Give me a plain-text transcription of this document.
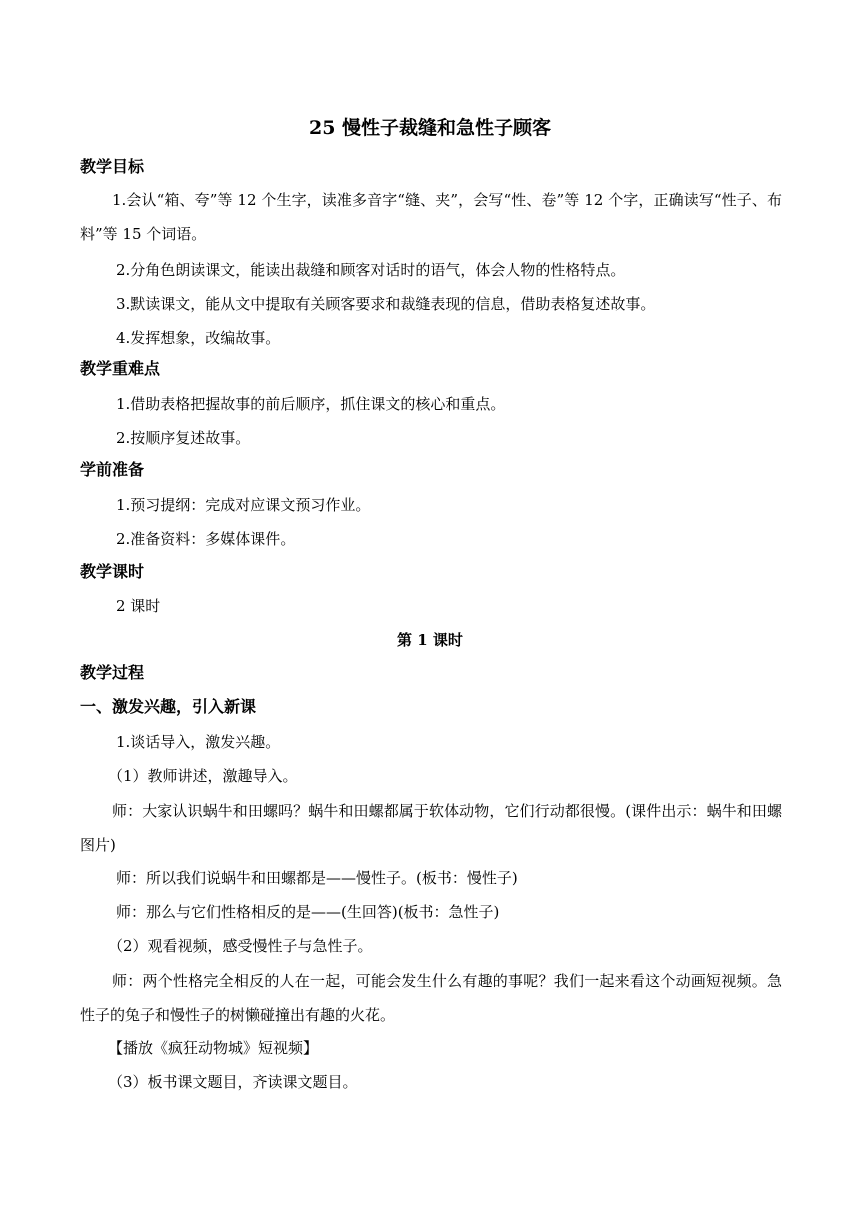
25 慢性子裁缝和急性子顾客
教学目标
1.会认“箱、夸”等 12 个生字，读准多音字“缝、夹”，会写“性、卷”等 12 个字，正确读写“性子、布料”等 15 个词语。
2.分角色朗读课文，能读出裁缝和顾客对话时的语气，体会人物的性格特点。
3.默读课文，能从文中提取有关顾客要求和裁缝表现的信息，借助表格复述故事。
4.发挥想象，改编故事。
教学重难点
1.借助表格把握故事的前后顺序，抓住课文的核心和重点。
2.按顺序复述故事。
学前准备
1.预习提纲：完成对应课文预习作业。
2.准备资料：多媒体课件。
教学课时
2 课时
第 1 课时
教学过程
一、激发兴趣，引入新课
1.谈话导入，激发兴趣。
（1）教师讲述，激趣导入。
师：大家认识蜗牛和田螺吗？蜗牛和田螺都属于软体动物，它们行动都很慢。(课件出示：蜗牛和田螺图片)
师：所以我们说蜗牛和田螺都是——慢性子。(板书：慢性子)
师：那么与它们性格相反的是——(生回答)(板书：急性子)
（2）观看视频，感受慢性子与急性子。
师：两个性格完全相反的人在一起，可能会发生什么有趣的事呢？我们一起来看这个动画短视频。急性子的兔子和慢性子的树懒碰撞出有趣的火花。
【播放《疯狂动物城》短视频】
（3）板书课文题目，齐读课文题目。
